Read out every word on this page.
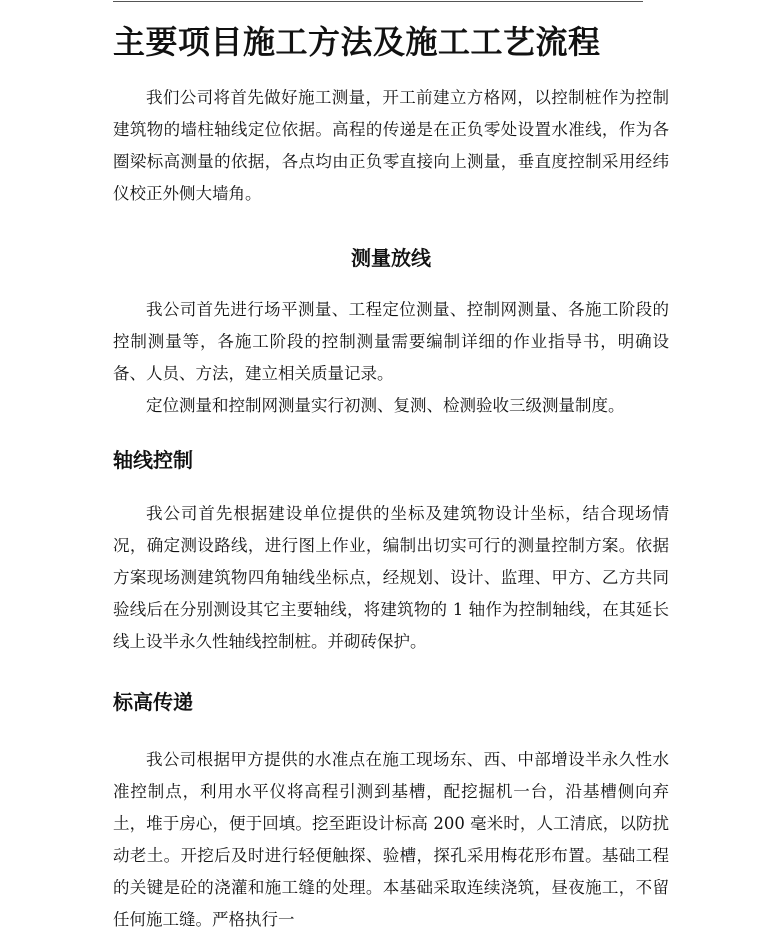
主要项目施工方法及施工工艺流程

我们公司将首先做好施工测量，开工前建立方格网，以控制桩作为控制建筑物的墙柱轴线定位依据。高程的传递是在正负零处设置水准线，作为各圈梁标高测量的依据，各点均由正负零直接向上测量，垂直度控制采用经纬仪校正外侧大墙角。

测量放线

我公司首先进行场平测量、工程定位测量、控制网测量、各施工阶段的控制测量等，各施工阶段的控制测量需要编制详细的作业指导书，明确设备、人员、方法，建立相关质量记录。

定位测量和控制网测量实行初测、复测、检测验收三级测量制度。

轴线控制

我公司首先根据建设单位提供的坐标及建筑物设计坐标，结合现场情况，确定测设路线，进行图上作业，编制出切实可行的测量控制方案。依据方案现场测建筑物四角轴线坐标点，经规划、设计、监理、甲方、乙方共同验线后在分别测设其它主要轴线，将建筑物的 1 轴作为控制轴线，在其延长线上设半永久性轴线控制桩。并砌砖保护。

标高传递

我公司根据甲方提供的水准点在施工现场东、西、中部增设半永久性水准控制点，利用水平仪将高程引测到基槽，配挖掘机一台，沿基槽侧向弃土，堆于房心，便于回填。挖至距设计标高 200 毫米时，人工清底，以防扰动老土。开挖后及时进行轻便触探、验槽，探孔采用梅花形布置。基础工程的关键是砼的浇灌和施工缝的处理。本基础采取连续浇筑，昼夜施工，不留任何施工缝。严格执行一
